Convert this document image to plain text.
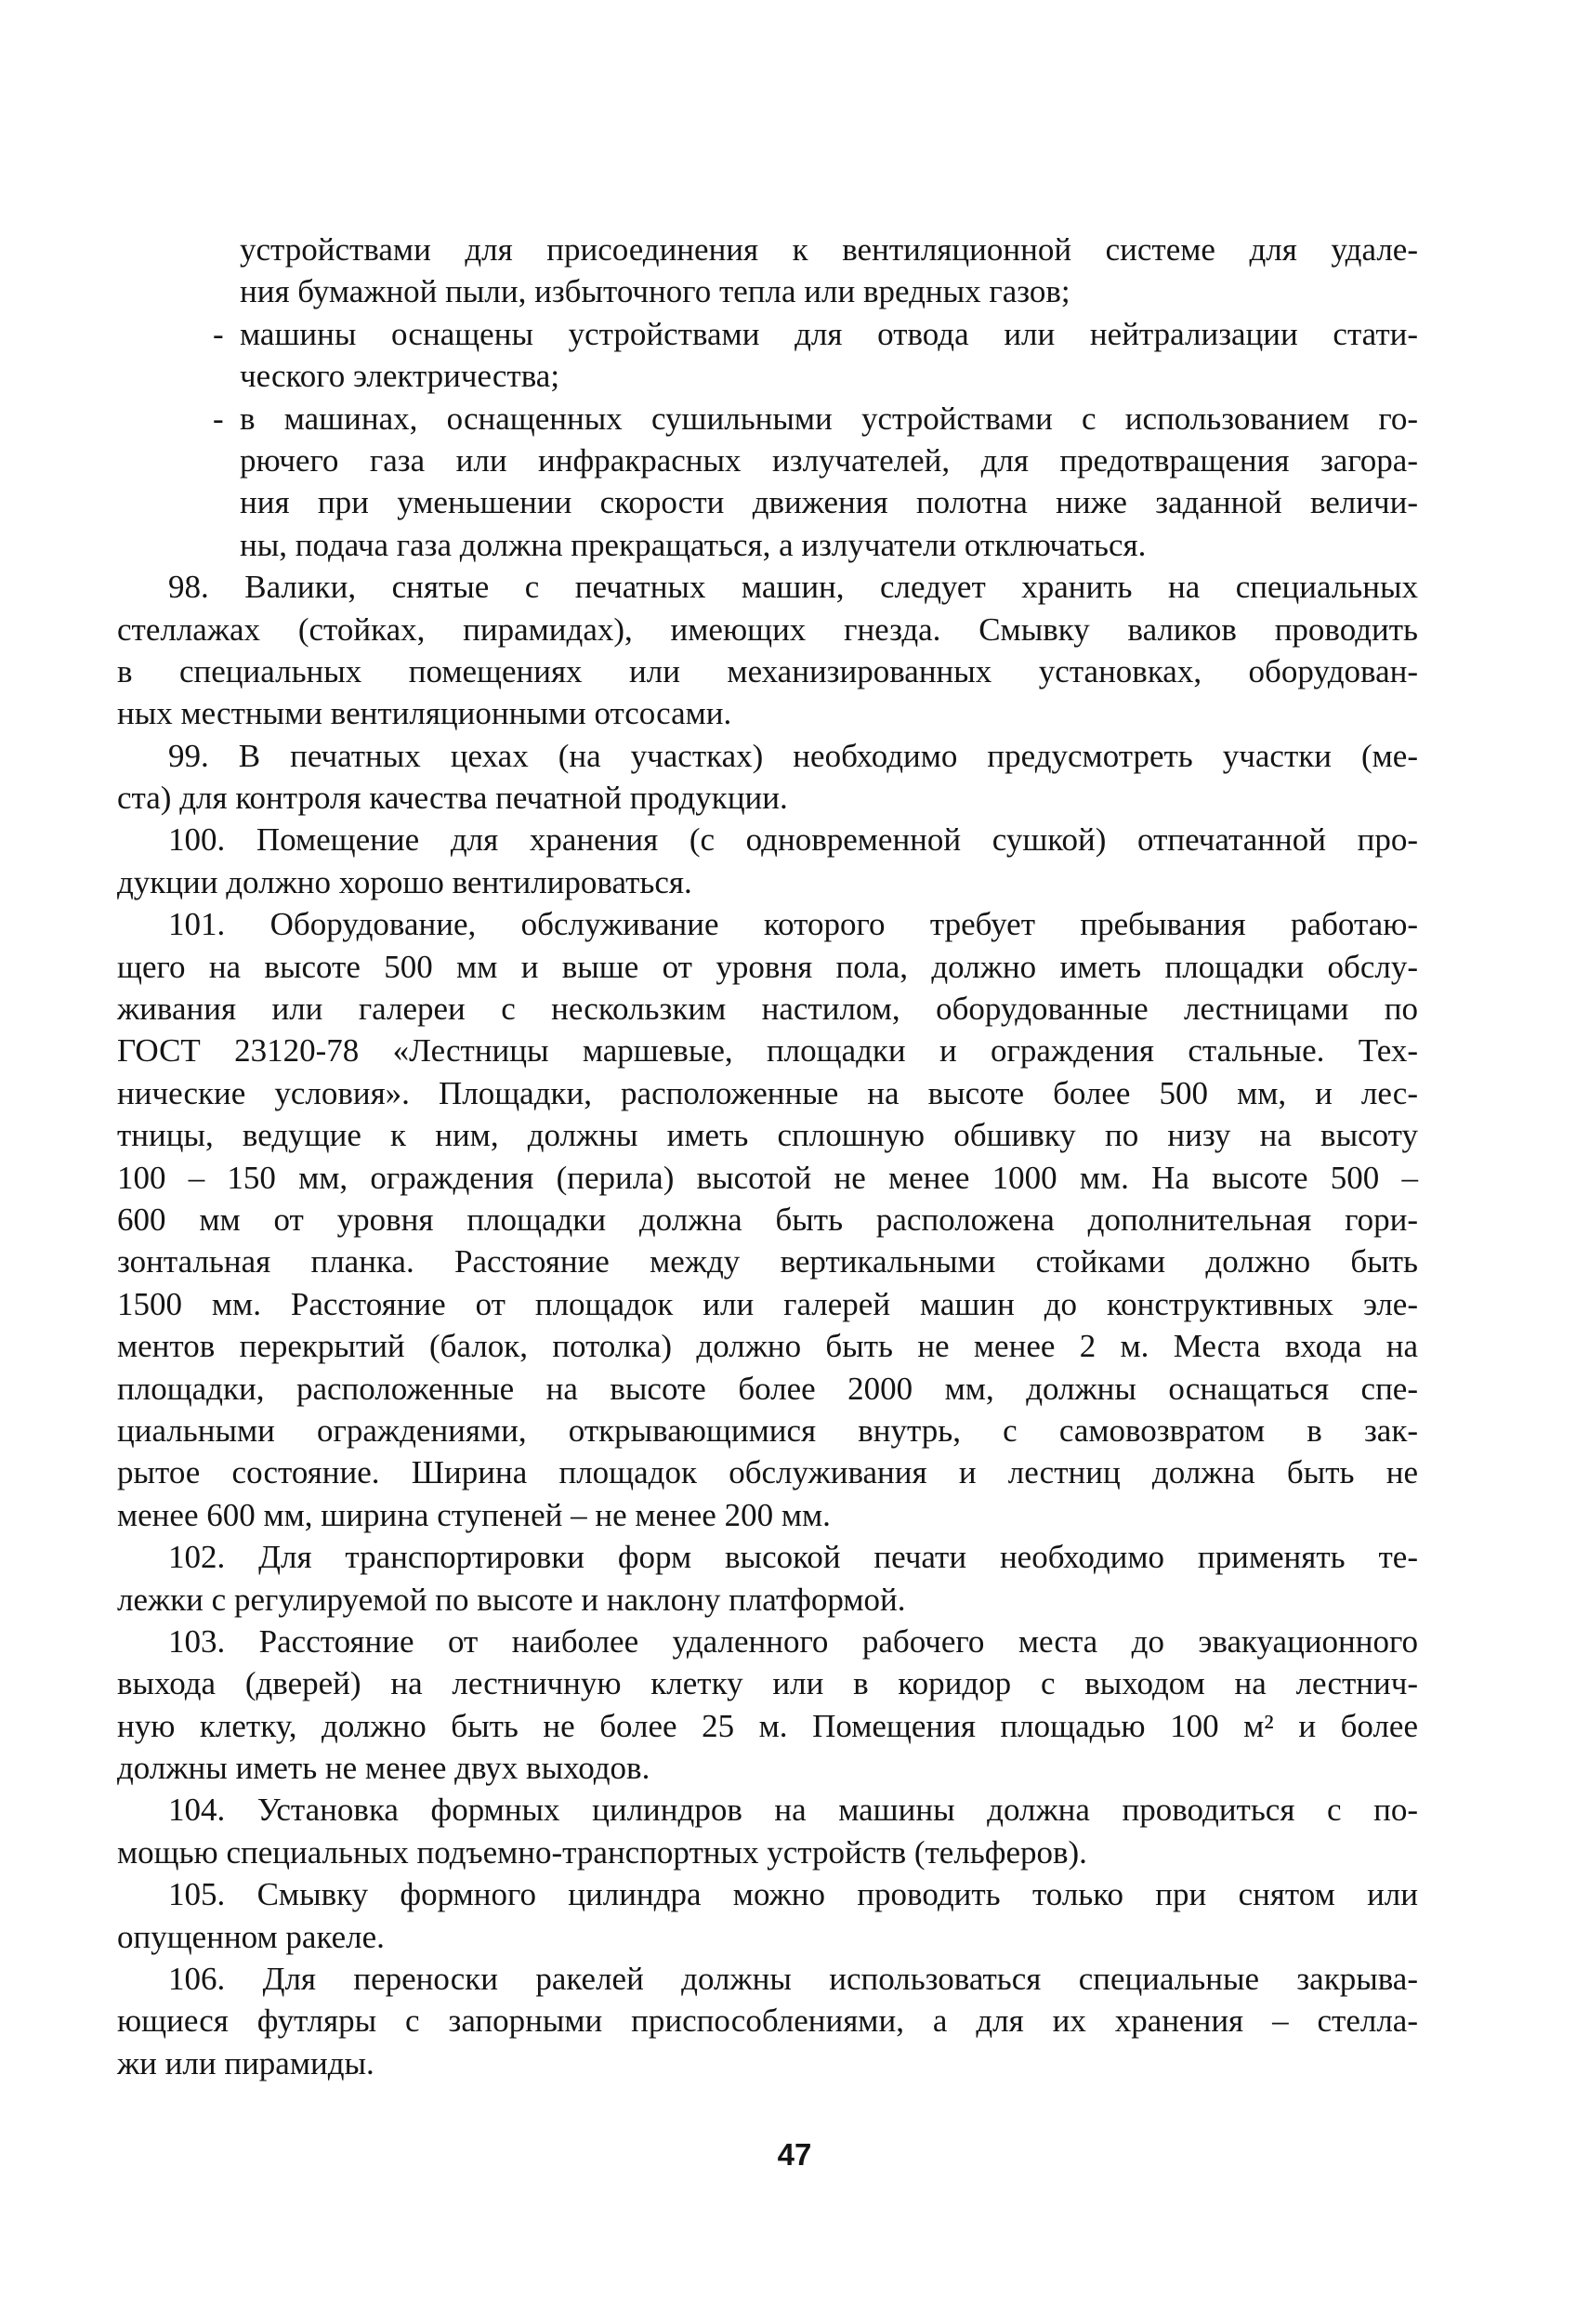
устройствами для присоединения к вентиляционной системе для удале-
ния бумажной пыли, избыточного тепла или вредных газов;
- машины оснащены устройствами для отвода или нейтрализации стати-
ческого электричества;
- в машинах, оснащенных сушильными устройствами с использованием го-
рючего газа или инфракрасных излучателей, для предотвращения загора-
ния при уменьшении скорости движения полотна ниже заданной величи-
ны, подача газа должна прекращаться, а излучатели отключаться.
98. Валики, снятые с печатных машин, следует хранить на специальных
стеллажах (стойках, пирамидах), имеющих гнезда. Смывку валиков проводить
в специальных помещениях или механизированных установках, оборудован-
ных местными вентиляционными отсосами.
99. В печатных цехах (на участках) необходимо предусмотреть участки (ме-
ста) для контроля качества печатной продукции.
100. Помещение для хранения (с одновременной сушкой) отпечатанной про-
дукции должно хорошо вентилироваться.
101. Оборудование, обслуживание которого требует пребывания работаю-
щего на высоте 500 мм и выше от уровня пола, должно иметь площадки обслу-
живания или галереи с нескользким настилом, оборудованные лестницами по
ГОСТ 23120-78 «Лестницы маршевые, площадки и ограждения стальные. Тех-
нические условия». Площадки, расположенные на высоте более 500 мм, и лес-
тницы, ведущие к ним, должны иметь сплошную обшивку по низу на высоту
100 – 150 мм, ограждения (перила) высотой не менее 1000 мм. На высоте 500 –
600 мм от уровня площадки должна быть расположена дополнительная гори-
зонтальная планка. Расстояние между вертикальными стойками должно быть
1500 мм. Расстояние от площадок или галерей машин до конструктивных эле-
ментов перекрытий (балок, потолка) должно быть не менее 2 м. Места входа на
площадки, расположенные на высоте более 2000 мм, должны оснащаться спе-
циальными ограждениями, открывающимися внутрь, с самовозвратом в зак-
рытое состояние. Ширина площадок обслуживания и лестниц должна быть не
менее 600 мм, ширина ступеней – не менее 200 мм.
102. Для транспортировки форм высокой печати необходимо применять те-
лежки с регулируемой по высоте и наклону платформой.
103. Расстояние от наиболее удаленного рабочего места до эвакуационного
выхода (дверей) на лестничную клетку или в коридор с выходом на лестнич-
ную клетку, должно быть не более 25 м. Помещения площадью 100 м² и более
должны иметь не менее двух выходов.
104. Установка формных цилиндров на машины должна проводиться с по-
мощью специальных подъемно-транспортных устройств (тельферов).
105. Смывку формного цилиндра можно проводить только при снятом или
опущенном ракеле.
106. Для переноски ракелей должны использоваться специальные закрыва-
ющиеся футляры с запорными приспособлениями, а для их хранения – стелла-
жи или пирамиды.
47
